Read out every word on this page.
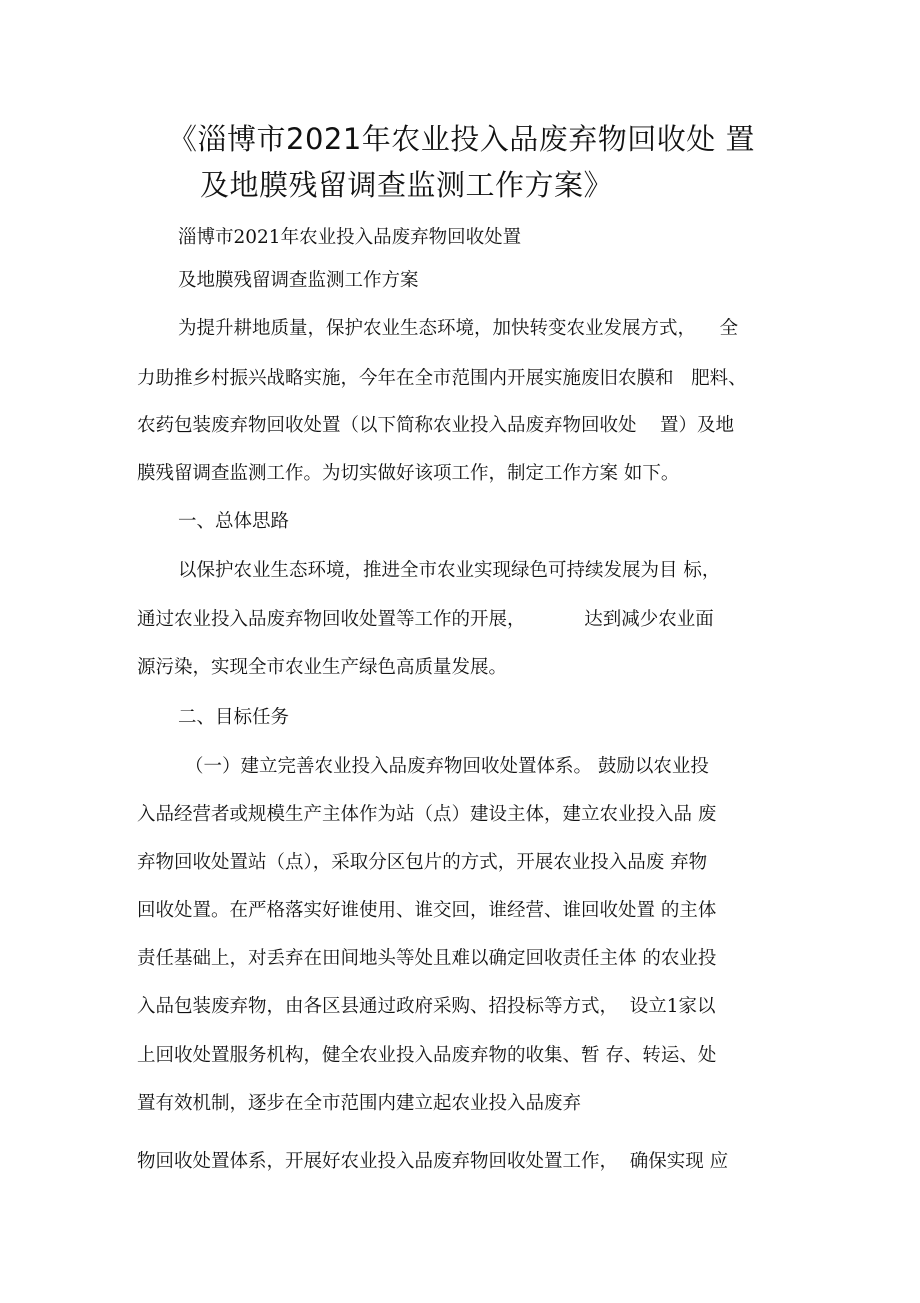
《淄博市2021年农业投入品废弃物回收处 置
及地膜残留调查监测工作方案》
淄博市2021年农业投入品废弃物回收处置
及地膜残留调查监测工作方案
为提升耕地质量，保护农业生态环境，加快转变农业发展方式，    全
力助推乡村振兴战略实施，今年在全市范围内开展实施废旧农膜和   肥料、
农药包装废弃物回收处置（以下简称农业投入品废弃物回收处    置）及地
膜残留调查监测工作。为切实做好该项工作，制定工作方案 如下。
一、总体思路
以保护农业生态环境，推进全市农业实现绿色可持续发展为目 标，
通过农业投入品废弃物回收处置等工作的开展，          达到减少农业面
源污染，实现全市农业生产绿色高质量发展。
二、目标任务
（一）建立完善农业投入品废弃物回收处置体系。 鼓励以农业投
入品经营者或规模生产主体作为站（点）建设主体，建立农业投入品 废
弃物回收处置站（点），采取分区包片的方式，开展农业投入品废 弃物
回收处置。在严格落实好谁使用、谁交回，谁经营、谁回收处置 的主体
责任基础上，对丢弃在田间地头等处且难以确定回收责任主体 的农业投
入品包装废弃物，由各区县通过政府采购、招投标等方式，  设立1家以
上回收处置服务机构，健全农业投入品废弃物的收集、暂 存、转运、处
置有效机制，逐步在全市范围内建立起农业投入品废弃
物回收处置体系，开展好农业投入品废弃物回收处置工作，  确保实现 应
